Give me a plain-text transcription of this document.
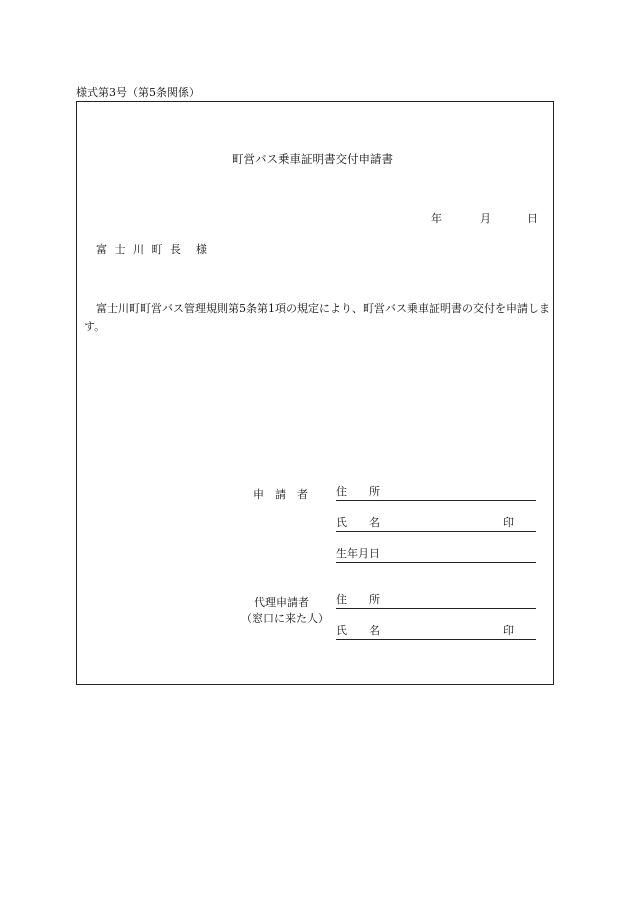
様式第3号（第5条関係）
町営バス乗車証明書交付申請書
年	月	日
富 士 川 町 長　様
富士川町町営バス管理規則第5条第1項の規定により、町営バス乗車証明書の交付を申請します。
申　請　者	住　　所
氏　　名	印
生年月日
代理申請者
（窓口に来た人）
住　　所
氏　　名	印
